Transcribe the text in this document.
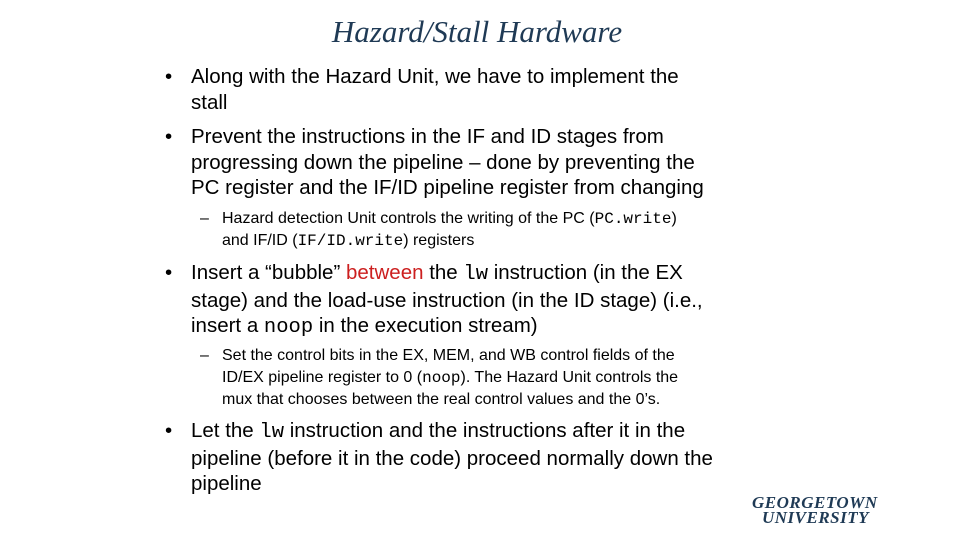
Hazard/Stall Hardware
• Along with the Hazard Unit, we have to implement the
stall
• Prevent the instructions in the IF and ID stages from
progressing down the pipeline – done by preventing the
PC register and the IF/ID pipeline register from changing
– Hazard detection Unit controls the writing of the PC (PC.write)
and IF/ID (IF/ID.write) registers
• Insert a “bubble” between the lw instruction (in the EX
stage) and the load-use instruction (in the ID stage) (i.e.,
insert a noop in the execution stream)
– Set the control bits in the EX, MEM, and WB control fields of the
ID/EX pipeline register to 0 (noop). The Hazard Unit controls the
mux that chooses between the real control values and the 0’s.
• Let the lw instruction and the instructions after it in the
pipeline (before it in the code) proceed normally down the
pipeline
GEORGETOWN
UNIVERSITY
